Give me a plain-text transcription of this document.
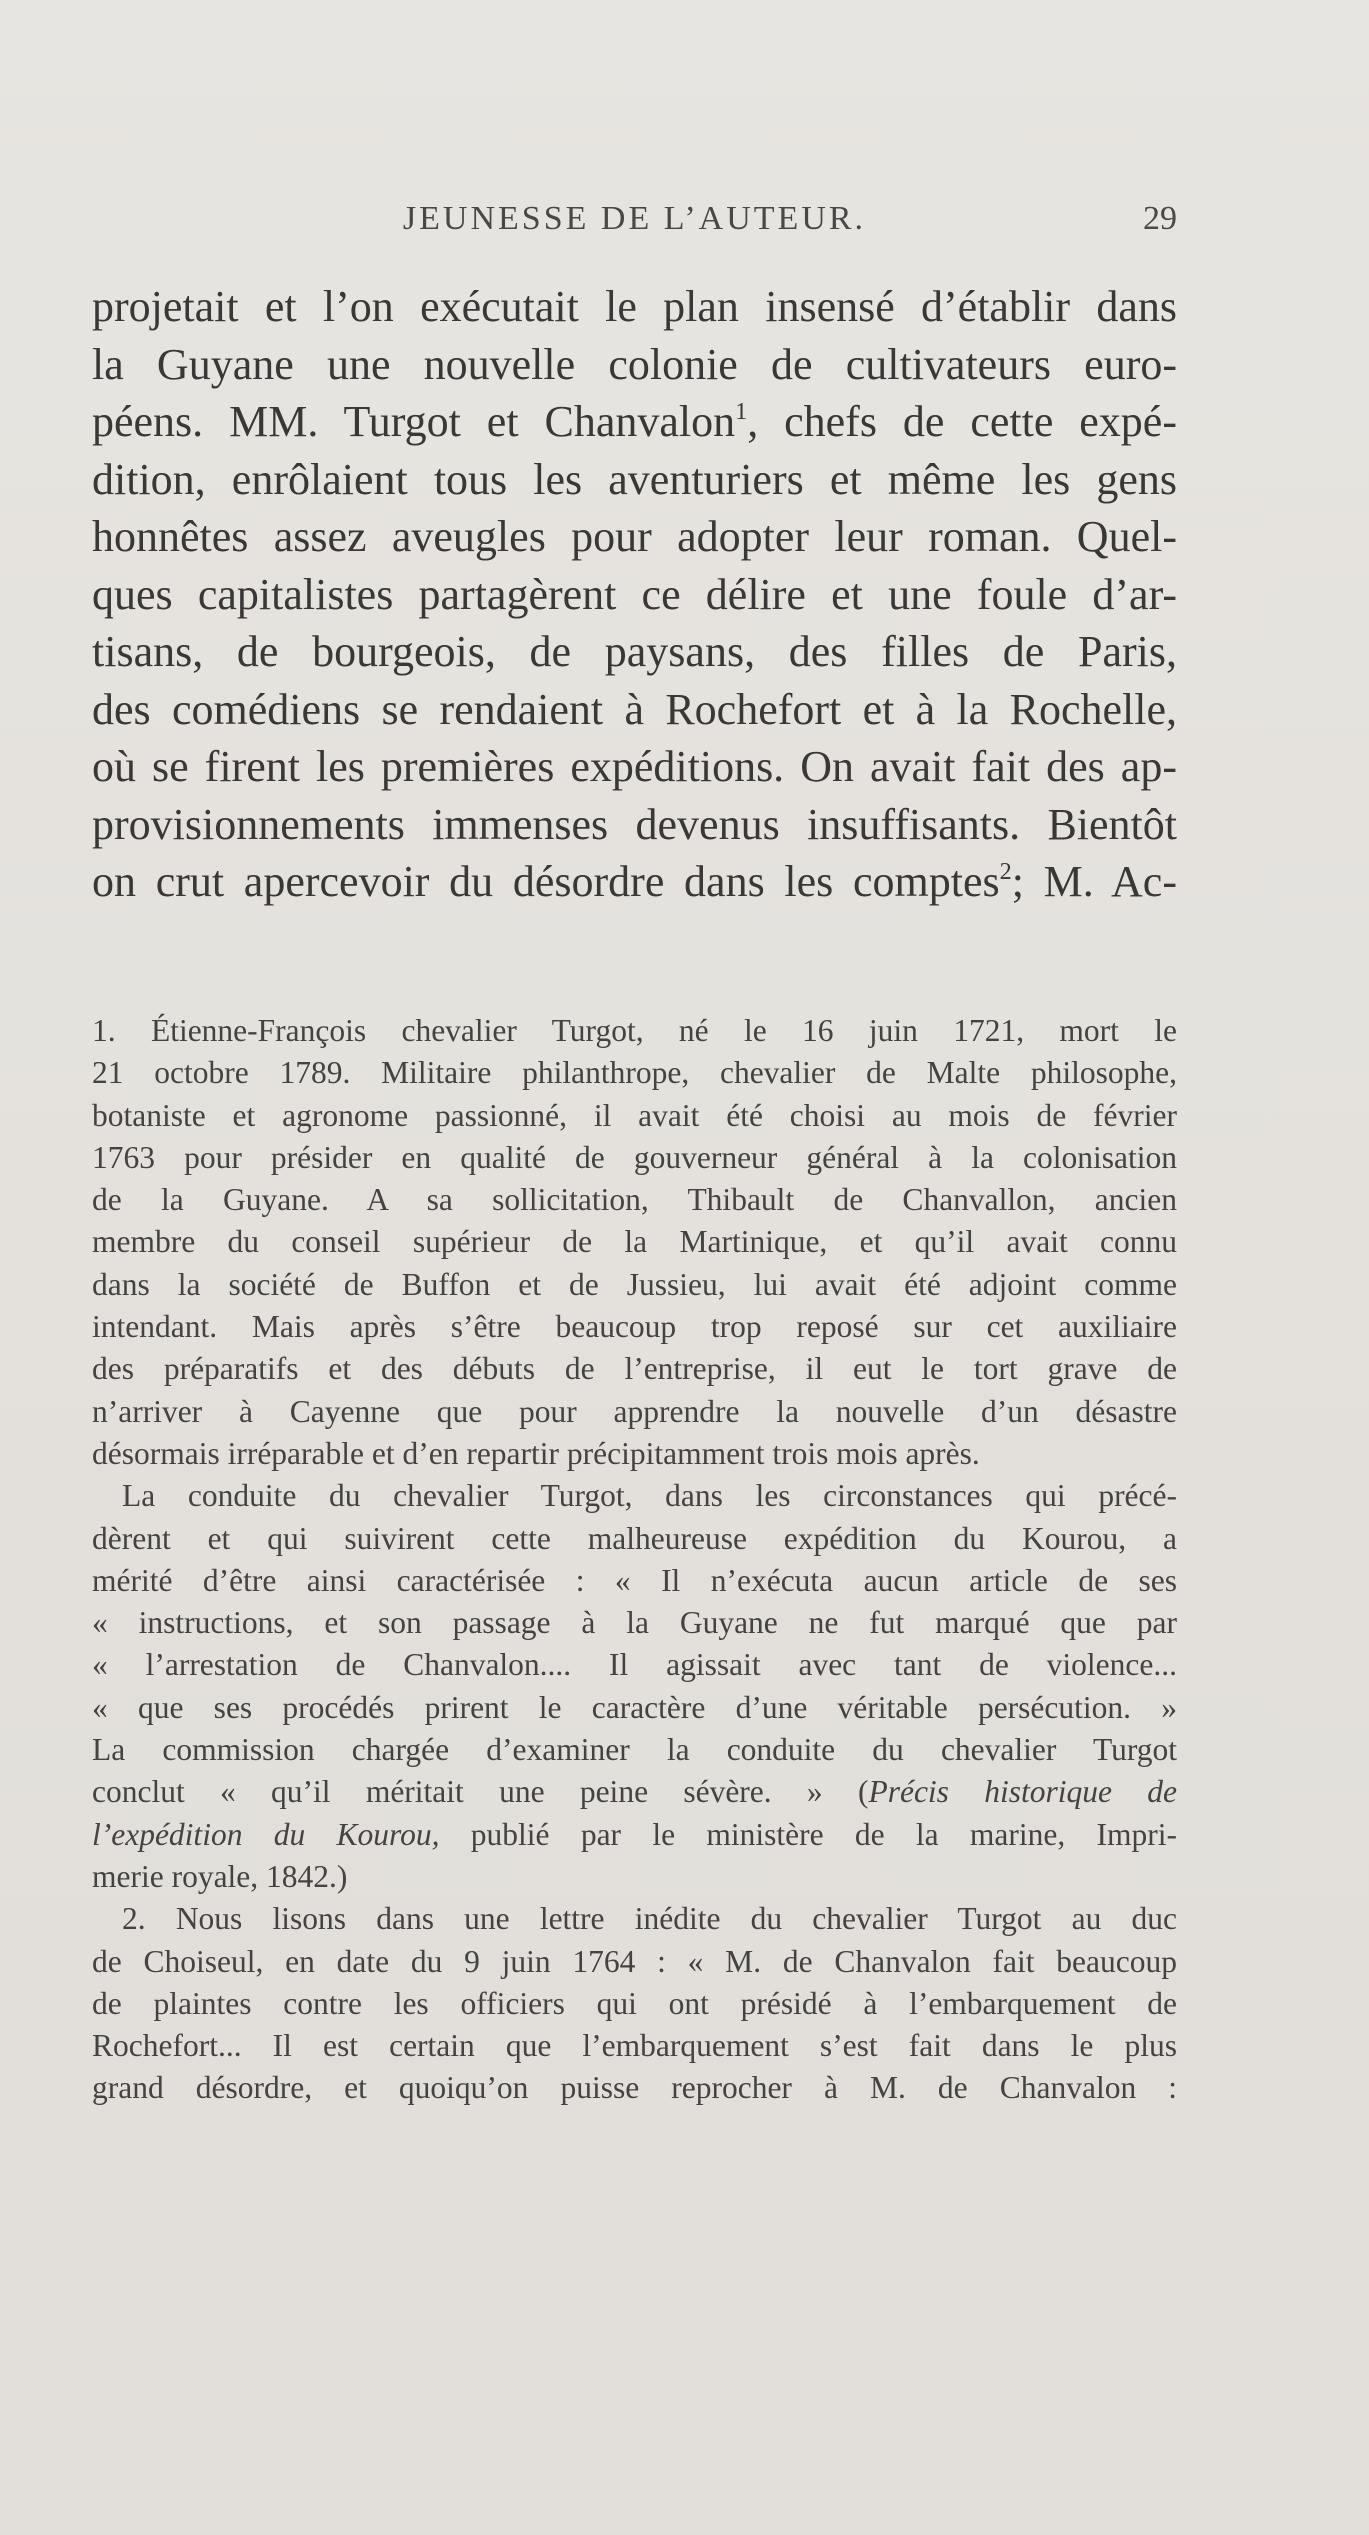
JEUNESSE DE L’AUTEUR.	29
projetait et l’on exécutait le plan insensé d’établir dans
la Guyane une nouvelle colonie de cultivateurs euro-
péens. MM. Turgot et Chanvalon$^1$, chefs de cette expé-
dition, enrôlaient tous les aventuriers et même les gens
honnêtes assez aveugles pour adopter leur roman. Quel-
ques capitalistes partagèrent ce délire et une foule d’ar-
tisans, de bourgeois, de paysans, des filles de Paris,
des comédiens se rendaient à Rochefort et à la Rochelle,
où se firent les premières expéditions. On avait fait des ap-
provisionnements immenses devenus insuffisants. Bientôt
on crut apercevoir du désordre dans les comptes$^2$; M. Ac-
1. Étienne-François chevalier Turgot, né le 16 juin 1721, mort le
21 octobre 1789. Militaire philanthrope, chevalier de Malte philosophe,
botaniste et agronome passionné, il avait été choisi au mois de février
1763 pour présider en qualité de gouverneur général à la colonisation
de la Guyane. A sa sollicitation, Thibault de Chanvallon, ancien
membre du conseil supérieur de la Martinique, et qu’il avait connu
dans la société de Buffon et de Jussieu, lui avait été adjoint comme
intendant. Mais après s’être beaucoup trop reposé sur cet auxiliaire
des préparatifs et des débuts de l’entreprise, il eut le tort grave de
n’arriver à Cayenne que pour apprendre la nouvelle d’un désastre
désormais irréparable et d’en repartir précipitamment trois mois après.
La conduite du chevalier Turgot, dans les circonstances qui précé-
dèrent et qui suivirent cette malheureuse expédition du Kourou, a
mérité d’être ainsi caractérisée : « Il n’exécuta aucun article de ses
« instructions, et son passage à la Guyane ne fut marqué que par
« l’arrestation de Chanvalon.... Il agissait avec tant de violence...
« que ses procédés prirent le caractère d’une véritable persécution. »
La commission chargée d’examiner la conduite du chevalier Turgot
conclut « qu’il méritait une peine sévère. » (Précis historique de
l’expédition du Kourou, publié par le ministère de la marine, Impri-
merie royale, 1842.)
2. Nous lisons dans une lettre inédite du chevalier Turgot au duc
de Choiseul, en date du 9 juin 1764 : « M. de Chanvalon fait beaucoup
de plaintes contre les officiers qui ont présidé à l’embarquement de
Rochefort... Il est certain que l’embarquement s’est fait dans le plus
grand désordre, et quoiqu’on puisse reprocher à M. de Chanvalon :
